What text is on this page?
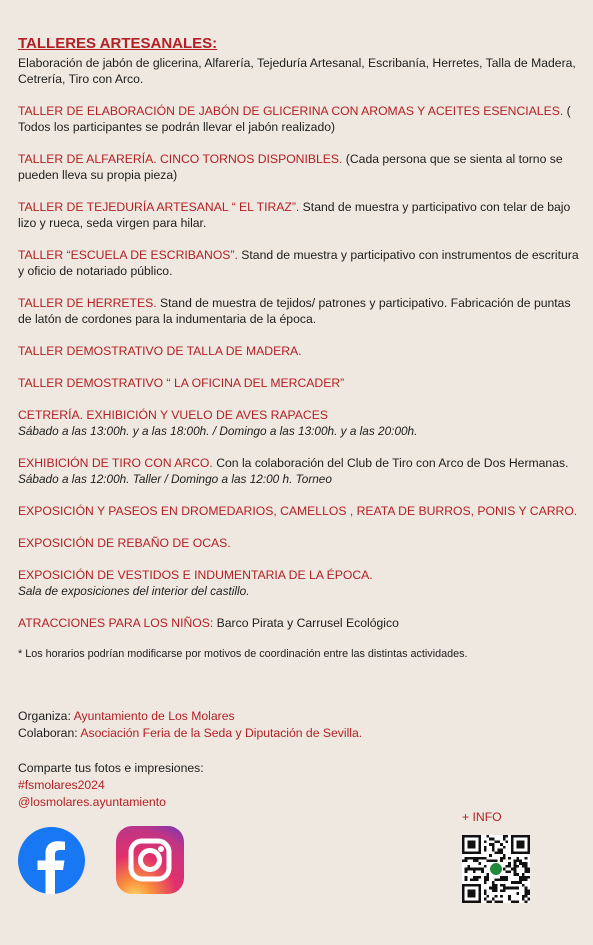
TALLERES ARTESANALES:

Elaboración de jabón de glicerina, Alfarería, Tejeduría Artesanal, Escribanía, Herretes, Talla de Madera, Cetrería, Tiro con Arco.

TALLER DE ELABORACIÓN DE JABÓN DE GLICERINA CON AROMAS Y ACEITES ESENCIALES. ( Todos los participantes se podrán llevar el jabón realizado)
TALLER DE ALFARERÍA. CINCO TORNOS DISPONIBLES. (Cada persona que se sienta al torno se pueden lleva su propia pieza)
TALLER DE TEJEDURÍA ARTESANAL “ EL TIRAZ”. Stand de muestra y participativo con telar de bajo lizo y rueca, seda virgen para hilar.
TALLER “ESCUELA DE ESCRIBANOS”. Stand de muestra y participativo con instrumentos de escritura y oficio de notariado público.
TALLER DE HERRETES. Stand de muestra de tejidos/ patrones y participativo. Fabricación de puntas de latón de cordones para la indumentaria de la época.
TALLER DEMOSTRATIVO DE TALLA DE MADERA.
TALLER DEMOSTRATIVO “ LA OFICINA DEL MERCADER”
CETRERÍA. EXHIBICIÓN Y VUELO DE AVES RAPACES
Sábado a las 13:00h. y a las 18:00h. / Domingo a las 13:00h. y a las 20:00h.
EXHIBICIÓN DE TIRO CON ARCO. Con la colaboración del Club de Tiro con Arco de Dos Hermanas.
Sábado a las 12:00h. Taller / Domingo a las 12:00 h. Torneo
EXPOSICIÓN Y PASEOS EN DROMEDARIOS, CAMELLOS , REATA DE BURROS, PONIS Y CARRO.
EXPOSICIÓN DE REBAÑO DE OCAS.
EXPOSICIÓN DE VESTIDOS E INDUMENTARIA DE LA ÉPOCA.
Sala de exposiciones del interior del castillo.
ATRACCIONES PARA LOS NIÑOS: Barco Pirata y Carrusel Ecológico
* Los horarios podrían modificarse por motivos de coordinación entre las distintas actividades.
Organiza: Ayuntamiento de Los Molares
Colaboran: Asociación Feria de la Seda y Diputación de Sevilla.
Comparte tus fotos e impresiones:
#fsmolares2024
@losmolares.ayuntamiento
+ INFO
